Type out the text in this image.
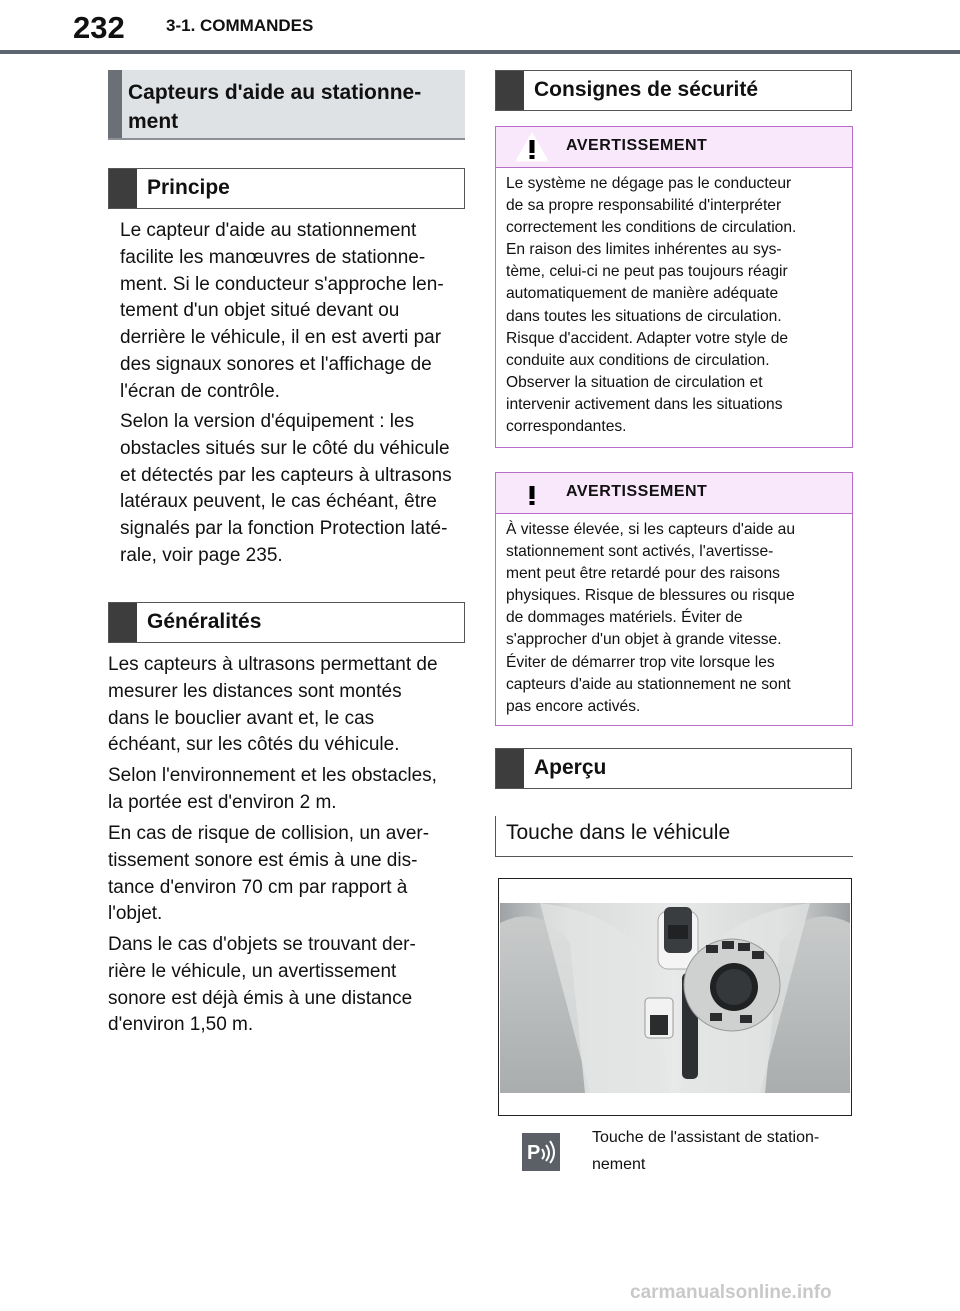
232 3-1. COMMANDES
Capteurs d'aide au stationne-
ment
Principe

Le capteur d'aide au stationnement
facilite les manœuvres de stationne-
ment. Si le conducteur s'approche len-
tement d'un objet situé devant ou
derrière le véhicule, il en est averti par
des signaux sonores et l'affichage de
l'écran de contrôle.

Selon la version d'équipement : les
obstacles situés sur le côté du véhicule
et détectés par les capteurs à ultrasons
latéraux peuvent, le cas échéant, être
signalés par la fonction Protection laté-
rale, voir page 235.

Généralités

Les capteurs à ultrasons permettant de
mesurer les distances sont montés
dans le bouclier avant et, le cas
échéant, sur les côtés du véhicule.

Selon l'environnement et les obstacles,
la portée est d'environ 2 m.

En cas de risque de collision, un aver-
tissement sonore est émis à une dis-
tance d'environ 70 cm par rapport à
l'objet.

Dans le cas d'objets se trouvant der-
rière le véhicule, un avertissement
sonore est déjà émis à une distance
d'environ 1,50 m.

Consignes de sécurité
AVERTISSEMENT

Le système ne dégage pas le conducteur
de sa propre responsabilité d'interpréter
correctement les conditions de circulation.
En raison des limites inhérentes au sys-
tème, celui-ci ne peut pas toujours réagir
automatiquement de manière adéquate
dans toutes les situations de circulation.
Risque d'accident. Adapter votre style de
conduite aux conditions de circulation.
Observer la situation de circulation et
intervenir activement dans les situations
correspondantes.

AVERTISSEMENT

À vitesse élevée, si les capteurs d'aide au
stationnement sont activés, l'avertisse-
ment peut être retardé pour des raisons
physiques. Risque de blessures ou risque
de dommages matériels. Éviter de
s'approcher d'un objet à grande vitesse.
Éviter de démarrer trop vite lorsque les
capteurs d'aide au stationnement ne sont
pas encore activés.

Aperçu
Touche dans le véhicule
P

Touche de l'assistant de station-
nement

carmanualsonline.info
